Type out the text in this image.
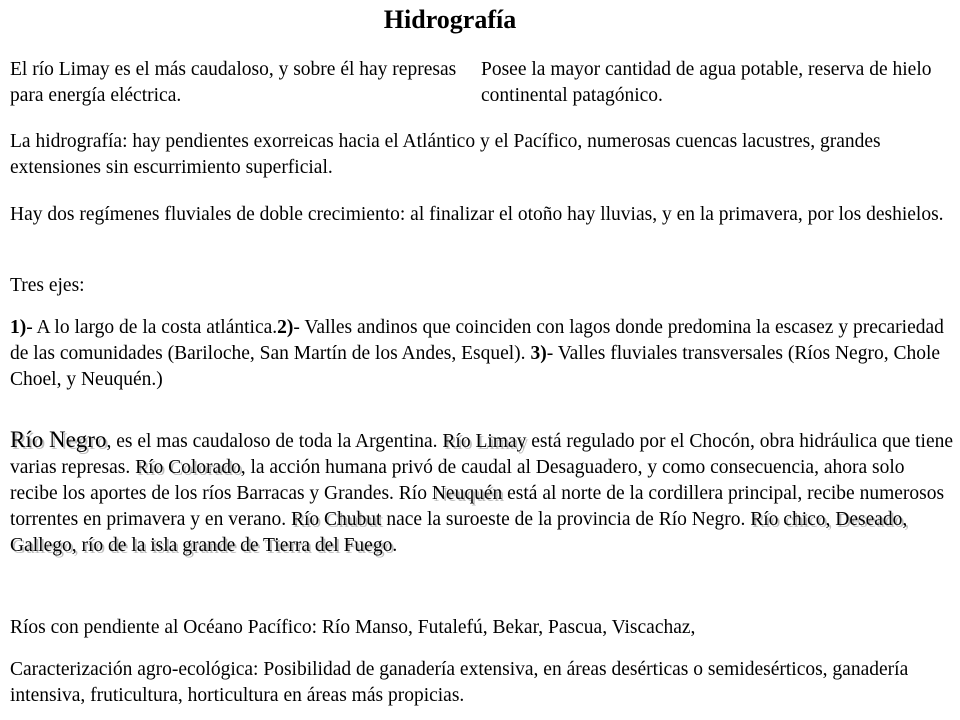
Hidrografía

El río Limay es el más caudaloso, y sobre él hay represas para energía eléctrica.

Posee la mayor cantidad de agua potable, reserva de hielo continental patagónico.

La hidrografía: hay pendientes exorreicas hacia el Atlántico y el Pacífico, numerosas cuencas lacustres, grandes extensiones sin escurrimiento superficial.

Hay dos regímenes fluviales de doble crecimiento: al finalizar el otoño hay lluvias, y en la primavera, por los deshielos.

Tres ejes:

1)- A lo largo de la costa atlántica.2)- Valles andinos que coinciden con lagos donde predomina la escasez y precariedad de las comunidades (Bariloche, San Martín de los Andes, Esquel). 3)- Valles fluviales transversales (Ríos Negro, Chole Choel, y Neuquén.)

Río Negro, es el mas caudaloso de toda la Argentina. Río Limay está regulado por el Chocón, obra hidráulica que tiene varias represas. Río Colorado, la acción humana privó de caudal al Desaguadero, y como consecuencia, ahora solo recibe los aportes de los ríos Barracas y Grandes. Río Neuquén está al norte de la cordillera principal, recibe numerosos torrentes en primavera y en verano. Río Chubut nace la suroeste de la provincia de Río Negro. Río chico, Deseado, Gallego, río de la isla grande de Tierra del Fuego.

Ríos con pendiente al Océano Pacífico: Río Manso, Futalefú, Bekar, Pascua, Viscachaz,

Caracterización agro-ecológica: Posibilidad de ganadería extensiva, en áreas desérticas o semidesérticos, ganadería intensiva, fruticultura, horticultura en áreas más propicias.
